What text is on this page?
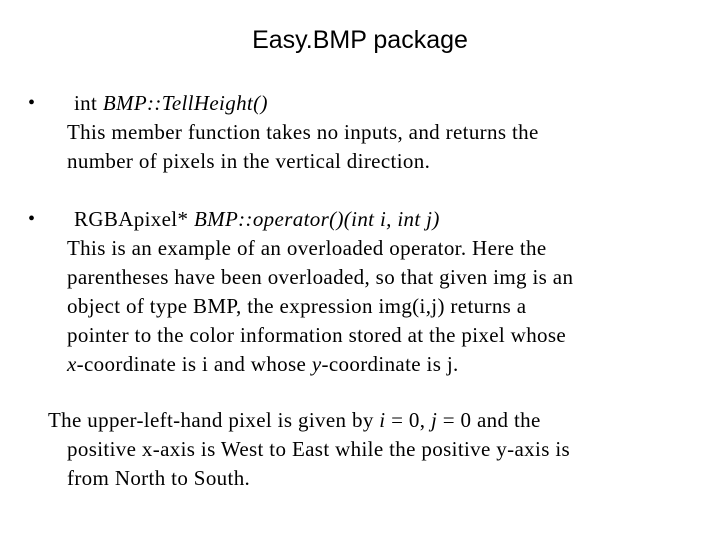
Easy.BMP package
• int BMP::TellHeight()
This member function takes no inputs, and returns the
number of pixels in the vertical direction.
• RGBApixel* BMP::operator()(int i, int j)
This is an example of an overloaded operator. Here the
parentheses have been overloaded, so that given img is an
object of type BMP, the expression img(i,j) returns a
pointer to the color information stored at the pixel whose
x-coordinate is i and whose y-coordinate is j.
The upper-left-hand pixel is given by i = 0, j = 0 and the
positive x-axis is West to East while the positive y-axis is
from North to South.
